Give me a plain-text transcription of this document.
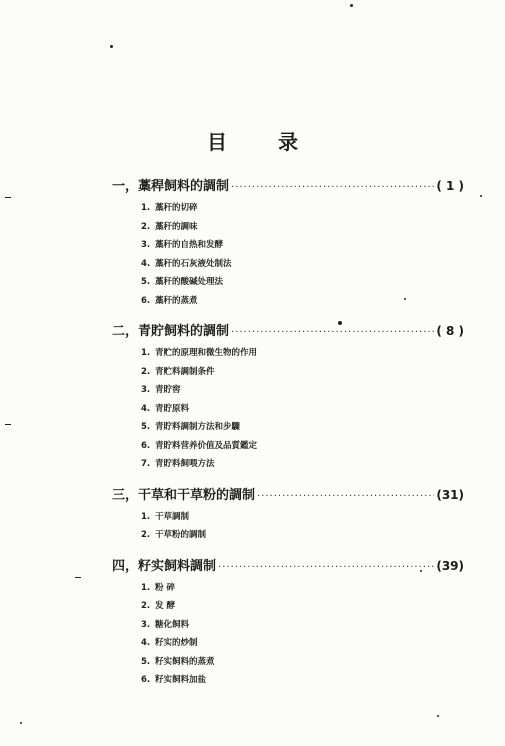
目 录
一，藁稈飼料的調制 ·····	( 1 )
1. 藁秆的切碎
2. 藁秆的調味
3. 藁秆的自热和发酵
4. 藁秆的石灰液处制法
5. 藁秆的酸碱处理法
6. 藁秆的蒸煮
二，青貯飼料的調制 ·····	( 8 )
1. 青贮的原理和微生物的作用
2. 青贮料調制条件
3. 青貯窖
4. 青貯原料
5. 青貯料調制方法和步驟
6. 青貯料营养价值及品質鑑定
7. 青貯料飼喂方法
三，干草和干草粉的調制 ·····	(31)
1. 干草調制
2. 干草粉的調制
四，籽实飼料調制 ·····	(39)
1. 粉 碎
2. 发 酵
3. 糖化飼料
4. 籽实的炒制
5. 籽实飼料的蒸煮
6. 籽实飼料加盐
